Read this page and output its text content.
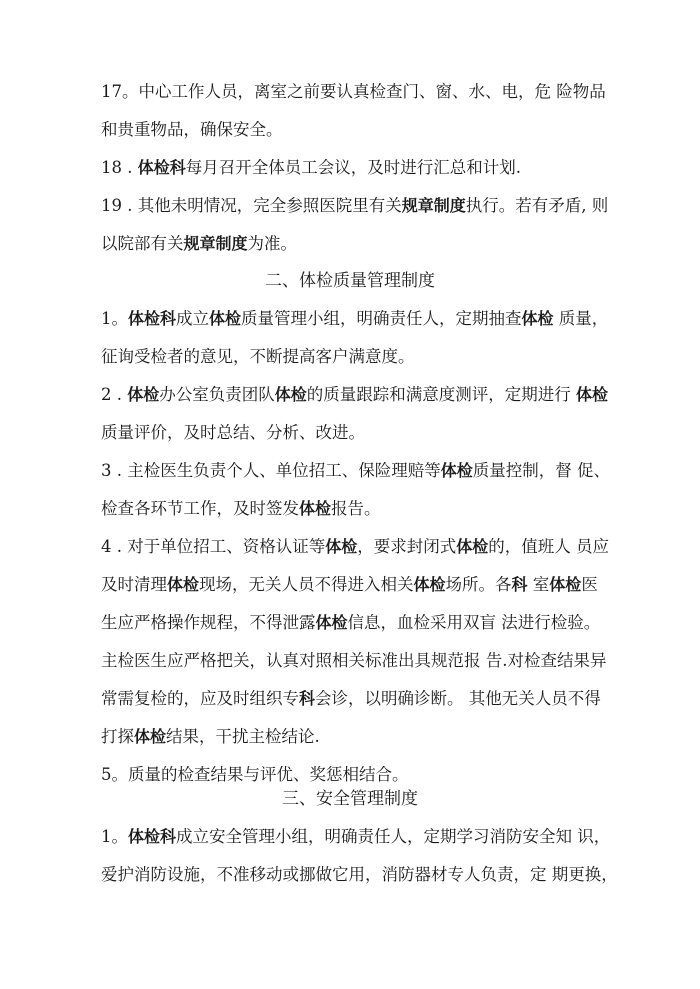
17。中心工作人员，离室之前要认真检查门、窗、水、电，危 险物品
和贵重物品，确保安全。
18 . 体检科每月召开全体员工会议，及时进行汇总和计划.
19 . 其他未明情况，完全参照医院里有关规章制度执行。若有矛盾, 则
以院部有关规章制度为准。
二、体检质量管理制度
1。体检科成立体检质量管理小组，明确责任人，定期抽查体检 质量，
征询受检者的意见，不断提高客户满意度。
2 . 体检办公室负责团队体检的质量跟踪和满意度测评，定期进行 体检
质量评价，及时总结、分析、改进。
3 . 主检医生负责个人、单位招工、保险理赔等体检质量控制，督 促、
检查各环节工作，及时签发体检报告。
4 . 对于单位招工、资格认证等体检，要求封闭式体检的，值班人 员应
及时清理体检现场，无关人员不得进入相关体检场所。各科 室体检医
生应严格操作规程，不得泄露体检信息，血检采用双盲 法进行检验。
主检医生应严格把关，认真对照相关标准出具规范报 告.对检查结果异
常需复检的，应及时组织专科会诊，以明确诊断。 其他无关人员不得
打探体检结果，干扰主检结论.
5。质量的检查结果与评优、奖惩相结合。
三、安全管理制度
1。体检科成立安全管理小组，明确责任人，定期学习消防安全知 识，
爱护消防设施，不准移动或挪做它用，消防器材专人负责，定 期更换，
